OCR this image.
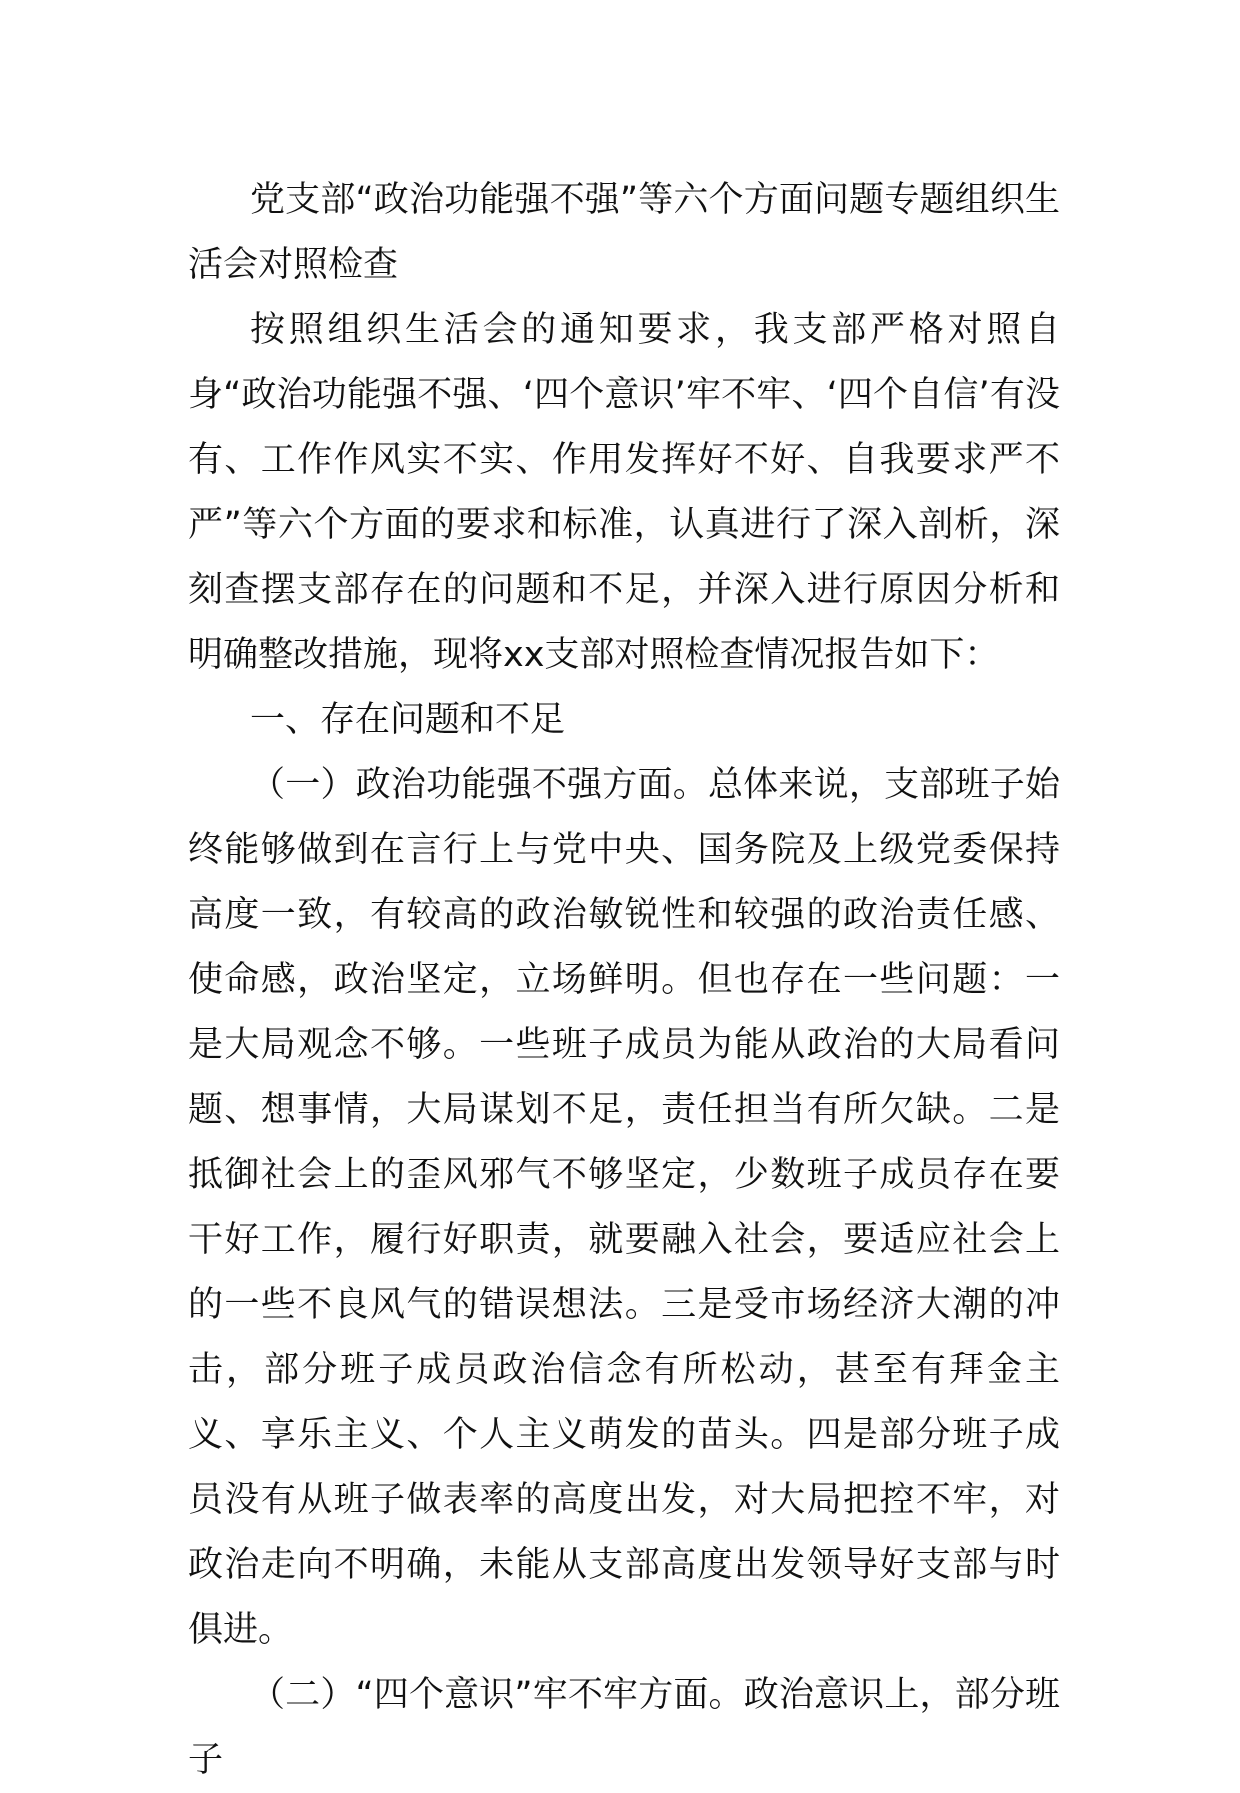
党支部“政治功能强不强”等六个方面问题专题组织生活会对照检查

按照组织生活会的通知要求，我支部严格对照自身“政治功能强不强、‘四个意识’牢不牢、‘四个自信’有没有、工作作风实不实、作用发挥好不好、自我要求严不严”等六个方面的要求和标准，认真进行了深入剖析，深刻查摆支部存在的问题和不足，并深入进行原因分析和明确整改措施，现将xx支部对照检查情况报告如下：

一、存在问题和不足

（一）政治功能强不强方面。总体来说，支部班子始终能够做到在言行上与党中央、国务院及上级党委保持高度一致，有较高的政治敏锐性和较强的政治责任感、使命感，政治坚定，立场鲜明。但也存在一些问题：一是大局观念不够。一些班子成员为能从政治的大局看问题、想事情，大局谋划不足，责任担当有所欠缺。二是抵御社会上的歪风邪气不够坚定，少数班子成员存在要干好工作，履行好职责，就要融入社会，要适应社会上的一些不良风气的错误想法。三是受市场经济大潮的冲击，部分班子成员政治信念有所松动，甚至有拜金主义、享乐主义、个人主义萌发的苗头。四是部分班子成员没有从班子做表率的高度出发，对大局把控不牢，对政治走向不明确，未能从支部高度出发领导好支部与时俱进。

（二）“四个意识”牢不牢方面。政治意识上，部分班子
